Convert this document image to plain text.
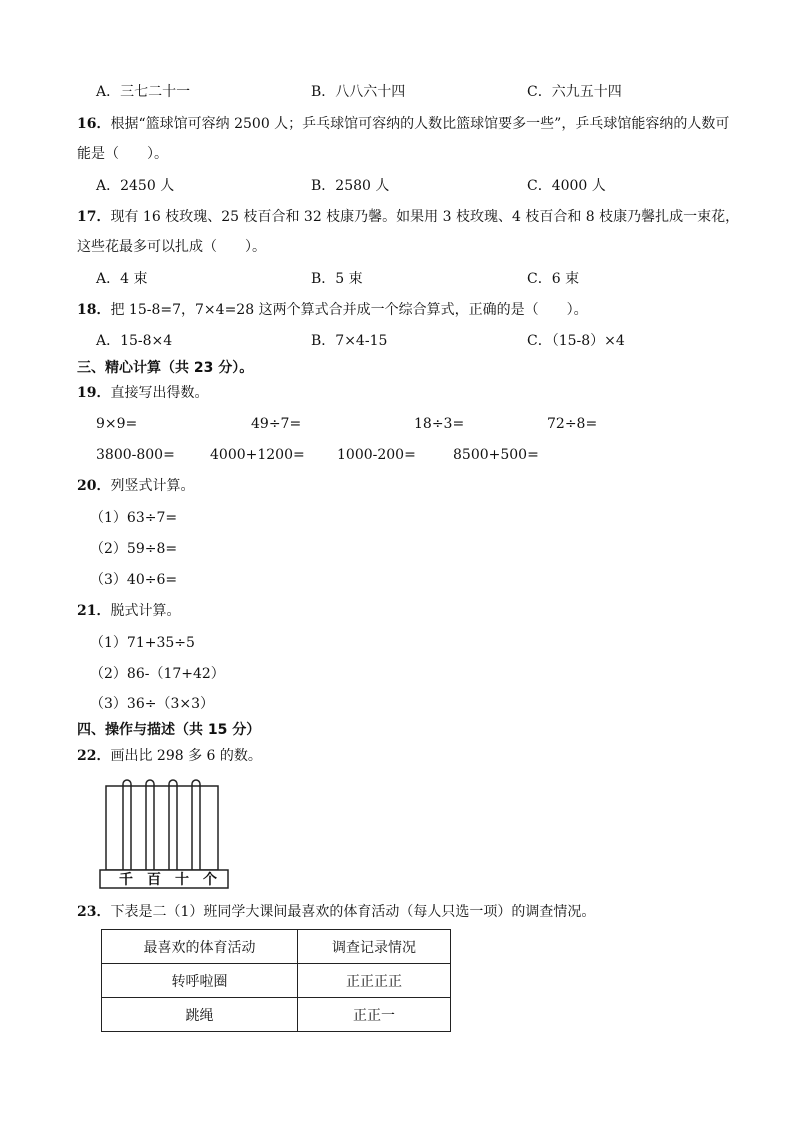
A．三七二十一	B．八八六十四	C．六九五十四
16．根据“篮球馆可容纳 2500 人；乒乓球馆可容纳的人数比篮球馆要多一些”，乒乓球馆能容纳的人数可
能是（　　）。
A．2450 人	B．2580 人	C．4000 人
17．现有 16 枝玫瑰、25 枝百合和 32 枝康乃馨。如果用 3 枝玫瑰、4 枝百合和 8 枝康乃馨扎成一束花，
这些花最多可以扎成（　　）。
A．4 束	B．5 束	C．6 束
18．把 15-8=7，7×4=28 这两个算式合并成一个综合算式，正确的是（　　）。
A．15-8×4	B．7×4-15	C．（15-8）×4
三、精心计算（共 23 分）。
19．直接写出得数。
9×9=	49÷7=	18÷3=	72÷8=
3800-800=	4000+1200= 1000-200=	8500+500=
20．列竖式计算。
（1）63÷7=
（2）59÷8=
（3）40÷6=
21．脱式计算。
（1）71+35÷5
（2）86-（17+42）
（3）36÷（3×3）
四、操作与描述（共 15 分）
22．画出比 298 多 6 的数。
千 百 十 个
23．下表是二（1）班同学大课间最喜欢的体育活动（每人只选一项）的调查情况。
最喜欢的体育活动	调查记录情况
转呼啦圈	正正正正
跳绳	正正一
